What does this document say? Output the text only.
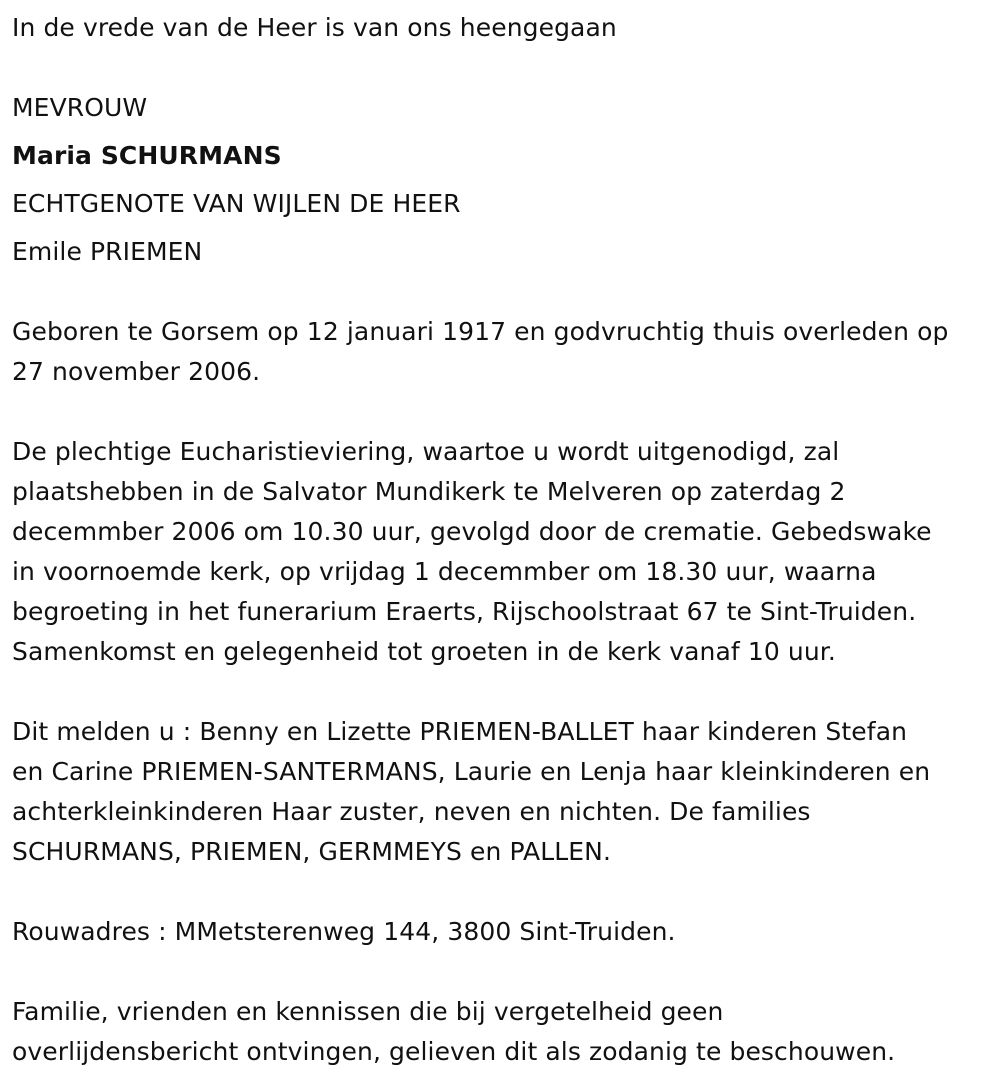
In de vrede van de Heer is van ons heengegaan

MEVROUW

Maria SCHURMANS

ECHTGENOTE VAN WIJLEN DE HEER

Emile PRIEMEN

Geboren te Gorsem op 12 januari 1917 en godvruchtig thuis overleden op
27 november 2006.
De plechtige Eucharistieviering, waartoe u wordt uitgenodigd, zal
plaatshebben in de Salvator Mundikerk te Melveren op zaterdag 2
decemmber 2006 om 10.30 uur, gevolgd door de crematie. Gebedswake
in voornoemde kerk, op vrijdag 1 decemmber om 18.30 uur, waarna
begroeting in het funerarium Eraerts, Rijschoolstraat 67 te Sint-Truiden.
Samenkomst en gelegenheid tot groeten in de kerk vanaf 10 uur.
Dit melden u : Benny en Lizette PRIEMEN-BALLET haar kinderen Stefan
en Carine PRIEMEN-SANTERMANS, Laurie en Lenja haar kleinkinderen en
achterkleinkinderen Haar zuster, neven en nichten. De families
SCHURMANS, PRIEMEN, GERMMEYS en PALLEN.
Rouwadres : MMetsterenweg 144, 3800 Sint-Truiden.
Familie, vrienden en kennissen die bij vergetelheid geen
overlijdensbericht ontvingen, gelieven dit als zodanig te beschouwen.
